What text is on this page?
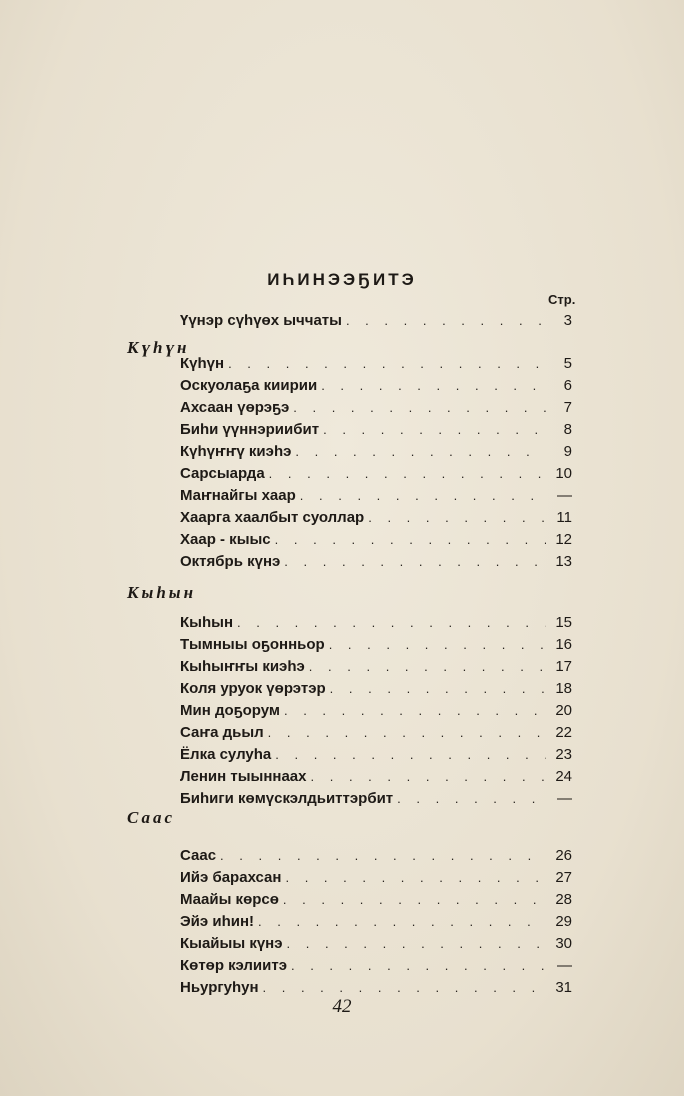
ИҺИНЭЭҔИТЭ
Стр.
Үүнэр сүһүөх ыччаты . . .	3
Күһүн
Күһүн . . .	5
Оскуолаҕа киирии . . .	6
Ахсаан үөрэҕэ . . .	7
Биһи үүннэриибит . . .	8
Күһүҥҥү киэһэ . . .	9
Сарсыарда . . .	10
Маҥнайгы хаар . . .	—
Хаарга хаалбыт суоллар . . .	11
Хаар - кыыс . . .	12
Октябрь күнэ . . .	13
Кыһын
Кыһын . . .	15
Тымныы оҕонньор . . .	16
Кыһыҥҥы киэһэ . . .	17
Коля уруок үөрэтэр . . .	18
Мин доҕорум . . .	20
Саҥа дьыл . . .	22
Ёлка сулуһа . . .	23
Ленин тыыннаах . . .	24
Биһиги көмүскэлдьиттэрбит . . .	—
Саас
Саас . . .	26
Ийэ барахсан . . .	27
Маайы көрсө . . .	28
Эйэ иһин! . . .	29
Кыайыы күнэ . . .	30
Көтөр кэлиитэ . . .	—
Ньургуһун . . .	31
42
